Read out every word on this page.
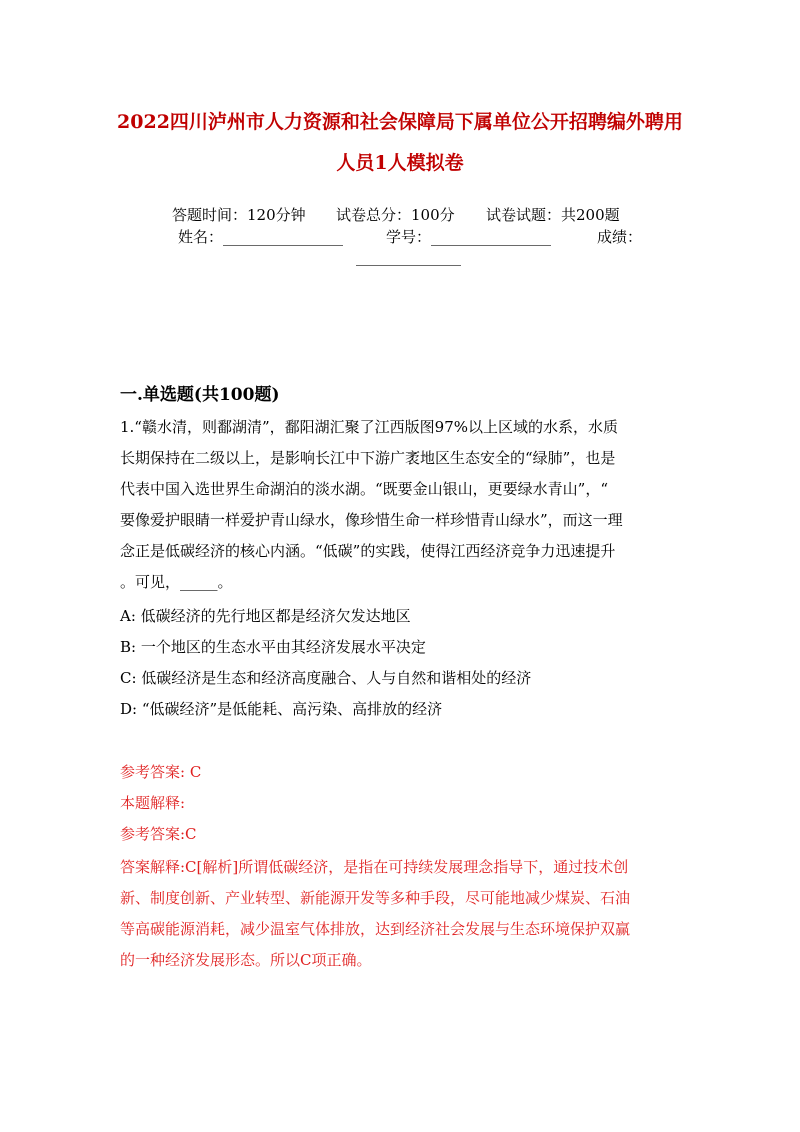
2022四川泸州市人力资源和社会保障局下属单位公开招聘编外聘用
人员1人模拟卷
答题时间：120分钟 试卷总分：100分 试卷试题：共200题
姓名：________________	学号：________________	成绩：
______________
一.单选题(共100题)
1.“赣水清，则鄱湖清”，鄱阳湖汇聚了江西版图97%以上区域的水系，水质
长期保持在二级以上，是影响长江中下游广袤地区生态安全的“绿肺”，也是
代表中国入选世界生命湖泊的淡水湖。“既要金山银山，更要绿水青山”，“
要像爱护眼睛一样爱护青山绿水，像珍惜生命一样珍惜青山绿水”，而这一理
念正是低碳经济的核心内涵。“低碳”的实践，使得江西经济竞争力迅速提升
。可见，_____。
A: 低碳经济的先行地区都是经济欠发达地区
B: 一个地区的生态水平由其经济发展水平决定
C: 低碳经济是生态和经济高度融合、人与自然和谐相处的经济
D: “低碳经济”是低能耗、高污染、高排放的经济
参考答案: C
本题解释:
参考答案:C
答案解释:C[解析]所谓低碳经济，是指在可持续发展理念指导下，通过技术创
新、制度创新、产业转型、新能源开发等多种手段，尽可能地减少煤炭、石油
等高碳能源消耗，减少温室气体排放，达到经济社会发展与生态环境保护双赢
的一种经济发展形态。所以C项正确。
